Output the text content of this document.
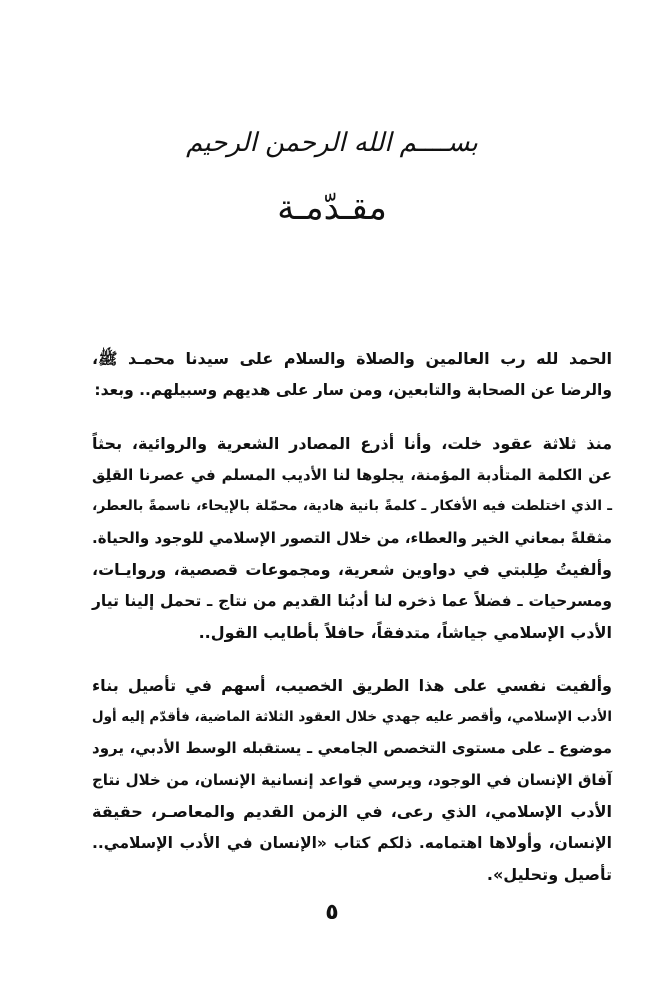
بســــم الله الرحمن الرحيم
مقـدّمـة

الحمد لله رب العالمين والصلاة والسلام على سيدنا محمـد ﷺ،
والرضا عن الصحابة والتابعين، ومن سار على هديهم وسبيلهم.. وبعد:

منذ ثلاثة عقود خلت، وأنا أذرع المصادر الشعرية والروائية، بحثاً
عن الكلمة المتأدبة المؤمنة، يجلوها لنا الأديب المسلم في عصرنا القلِق
ـ الذي اختلطت فيه الأفكار ـ كلمةً بانية هادية، محمّلة بالإيحاء، ناسمةً بالعطر،
مثقلةً بمعاني الخير والعطاء، من خلال التصور الإسلامي للوجود والحياة.
وألفيتُ طِلبتي في دواوين شعرية، ومجموعات قصصية، وروايـات،
ومسرحيات ـ فضلاً عما ذخره لنا أدبُنا القديم من نتاج ـ تحمل إلينا تيار
الأدب الإسلامي جياشاً، متدفقاً، حافلاً بأطايب القول..

وألفيت نفسي على هذا الطريق الخصيب، أسهم في تأصيل بناء
الأدب الإسلامي، وأقصر عليه جهدي خلال العقود الثلاثة الماضية، فأقدّم إليه أول
موضوع ـ على مستوى التخصص الجامعي ـ يستقبله الوسط الأدبي، يرود
آفاق الإنسان في الوجود، ويرسي قواعد إنسانية الإنسان، من خلال نتاج
الأدب الإسلامي، الذي رعى، في الزمن القديم والمعاصـر، حقيقة
الإنسان، وأولاها اهتمامه. ذلكم كتاب «الإنسان في الأدب الإسلامي..
تأصيل وتحليل».

٥
